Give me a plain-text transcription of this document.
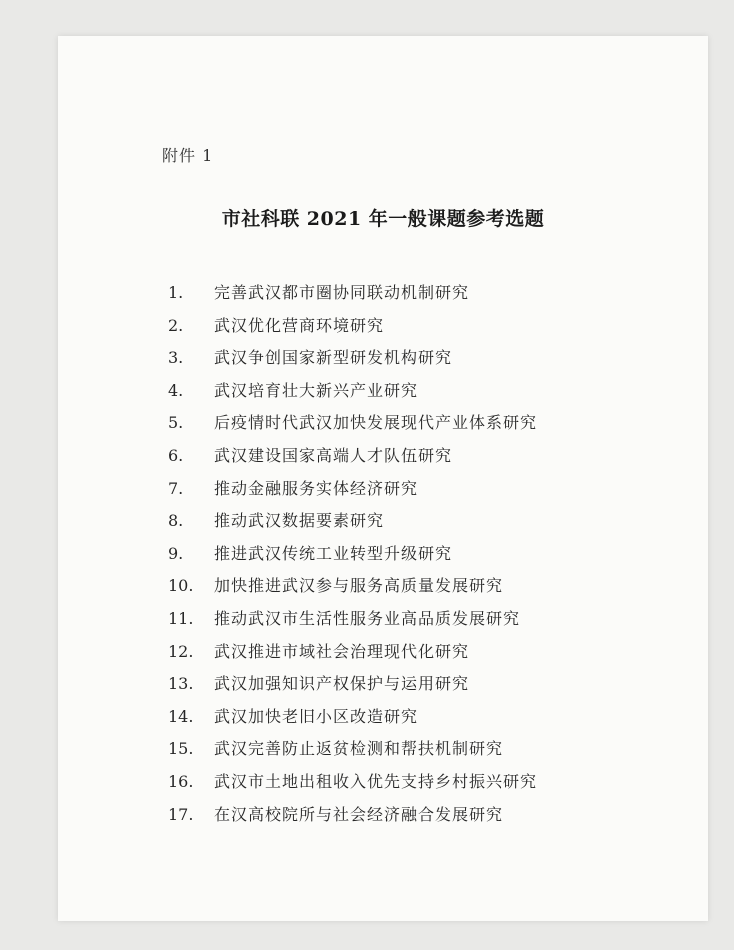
附件 1
市社科联 2021 年一般课题参考选题
1.	完善武汉都市圈协同联动机制研究
2.	武汉优化营商环境研究
3.	武汉争创国家新型研发机构研究
4.	武汉培育壮大新兴产业研究
5.	后疫情时代武汉加快发展现代产业体系研究
6.	武汉建设国家高端人才队伍研究
7.	推动金融服务实体经济研究
8.	推动武汉数据要素研究
9.	推进武汉传统工业转型升级研究
10.	加快推进武汉参与服务高质量发展研究
11.	推动武汉市生活性服务业高品质发展研究
12.	武汉推进市域社会治理现代化研究
13.	武汉加强知识产权保护与运用研究
14.	武汉加快老旧小区改造研究
15.	武汉完善防止返贫检测和帮扶机制研究
16.	武汉市土地出租收入优先支持乡村振兴研究
17.	在汉高校院所与社会经济融合发展研究
